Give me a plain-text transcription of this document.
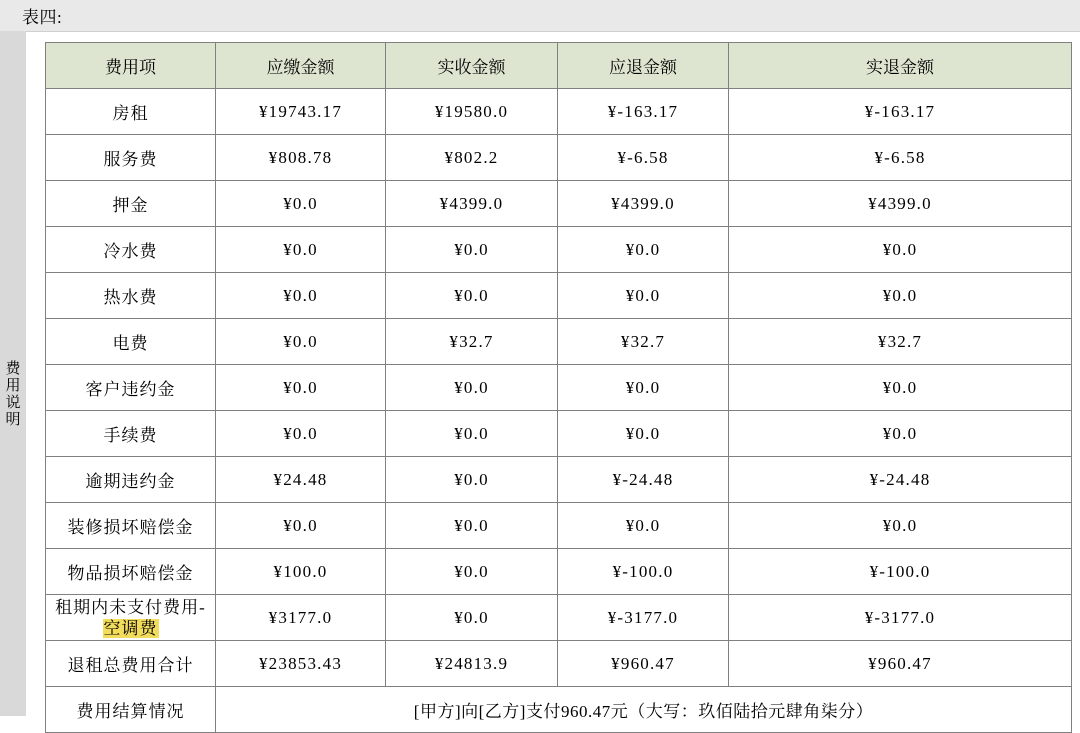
表四:
费
用
说
明
费用项	应缴金额	实收金额	应退金额	实退金额
房租	¥19743.17	¥19580.0	¥-163.17	¥-163.17
服务费	¥808.78	¥802.2	¥-6.58	¥-6.58
押金	¥0.0	¥4399.0	¥4399.0	¥4399.0
冷水费	¥0.0	¥0.0	¥0.0	¥0.0
热水费	¥0.0	¥0.0	¥0.0	¥0.0
电费	¥0.0	¥32.7	¥32.7	¥32.7
客户违约金	¥0.0	¥0.0	¥0.0	¥0.0
手续费	¥0.0	¥0.0	¥0.0	¥0.0
逾期违约金	¥24.48	¥0.0	¥-24.48	¥-24.48
装修损坏赔偿金	¥0.0	¥0.0	¥0.0	¥0.0
物品损坏赔偿金	¥100.0	¥0.0	¥-100.0	¥-100.0
租期内未支付费用-空调费	¥3177.0	¥0.0	¥-3177.0	¥-3177.0
退租总费用合计	¥23853.43	¥24813.9	¥960.47	¥960.47
费用结算情况	[甲方]向[乙方]支付960.47元（大写：玖佰陆拾元肆角柒分）			
